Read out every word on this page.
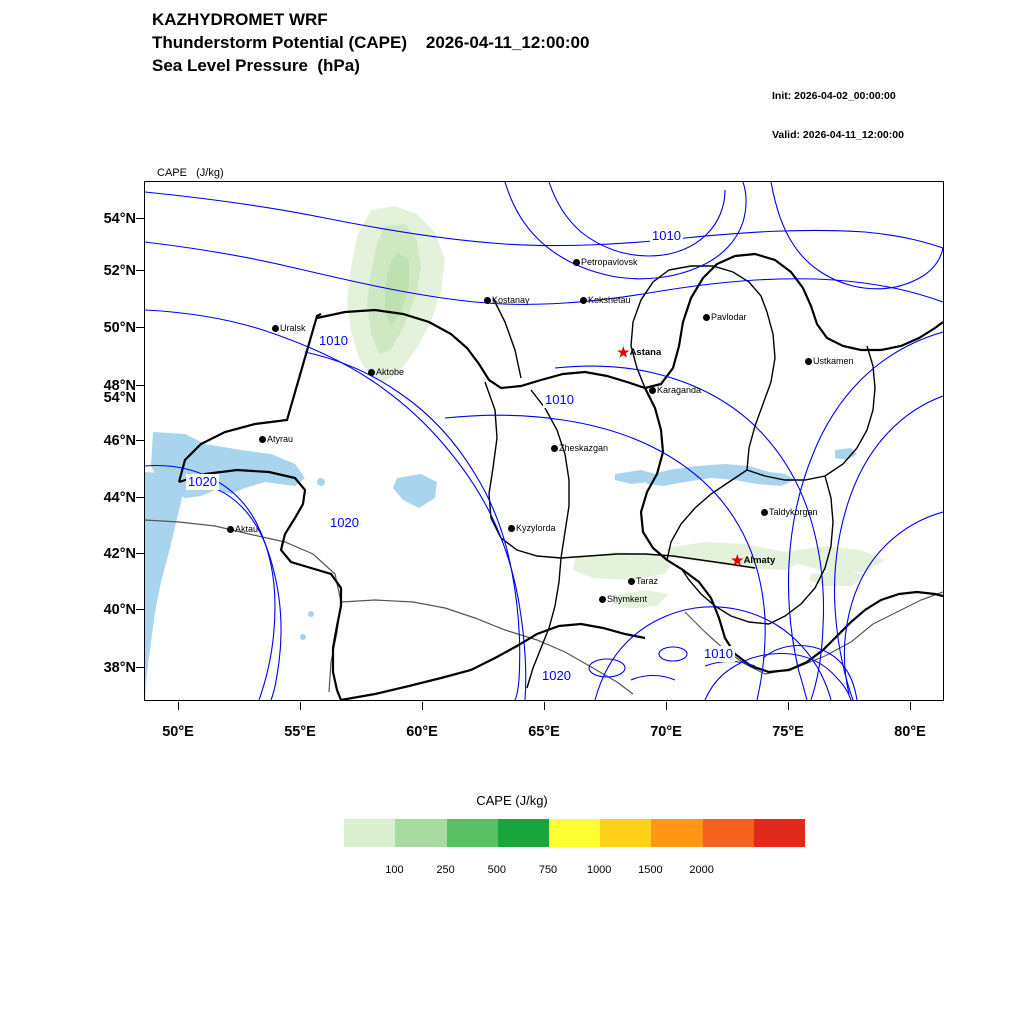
KAZHYDROMET WRF
Thunderstorm Potential (CAPE)    2026-04-11_12:00:00
Sea Level Pressure  (hPa)

Init: 2026-04-02_00:00:00

Valid: 2026-04-11_12:00:00

CAPE   (J/kg)

54°N
54°N
52°N
50°N
48°N
46°N
44°N
42°N
40°N
38°N
Petropavlovsk
Kostanay	Kokshetau
Pavlodar
Uralsk
Ustkamen
Aktobe
Karaganda
Atyrau
Zheskazgan
Taldykorgan
Kyzylorda
Aktau
Taraz
Shymkent
★Astana
★Almaty
1010
1010
1010
1020
1020
1010
1020
50°E	55°E	60°E	65°E	70°E	75°E	80°E
CAPE (J/kg)
100	250	500	750	1000 1500 2000
